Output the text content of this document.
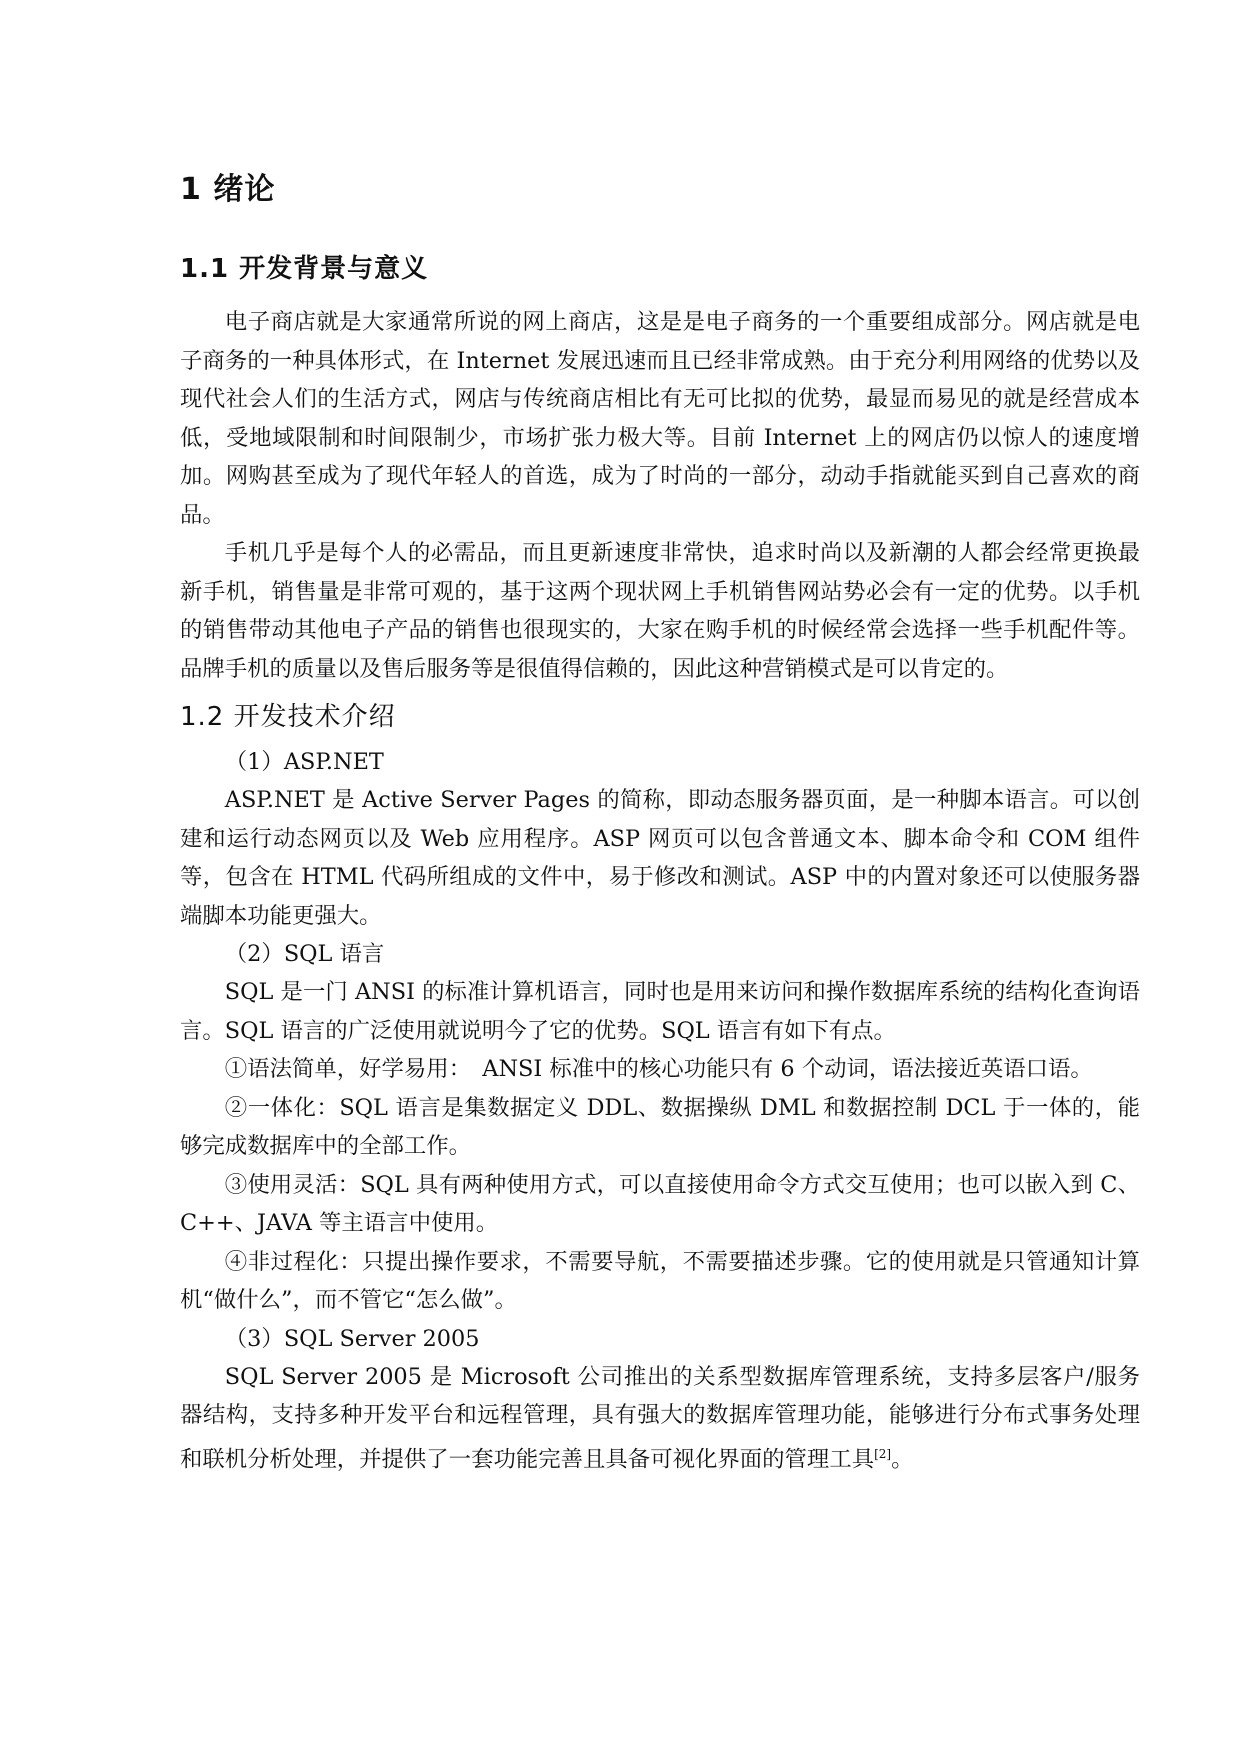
1 绪论
1.1 开发背景与意义

电子商店就是大家通常所说的网上商店，这是是电子商务的一个重要组成部分。网店就是电子商务的一种具体形式，在 Internet 发展迅速而且已经非常成熟。由于充分利用网络的优势以及现代社会人们的生活方式，网店与传统商店相比有无可比拟的优势，最显而易见的就是经营成本低，受地域限制和时间限制少，市场扩张力极大等。目前 Internet 上的网店仍以惊人的速度增加。网购甚至成为了现代年轻人的首选，成为了时尚的一部分，动动手指就能买到自己喜欢的商品。

手机几乎是每个人的必需品，而且更新速度非常快，追求时尚以及新潮的人都会经常更换最新手机，销售量是非常可观的，基于这两个现状网上手机销售网站势必会有一定的优势。以手机的销售带动其他电子产品的销售也很现实的，大家在购手机的时候经常会选择一些手机配件等。品牌手机的质量以及售后服务等是很值得信赖的，因此这种营销模式是可以肯定的。

1.2 开发技术介绍

（1）ASP.NET

ASP.NET 是 Active Server Pages 的简称，即动态服务器页面，是一种脚本语言。可以创建和运行动态网页以及 Web 应用程序。ASP 网页可以包含普通文本、脚本命令和 COM 组件等，包含在 HTML 代码所组成的文件中，易于修改和测试。ASP 中的内置对象还可以使服务器端脚本功能更强大。

（2）SQL 语言

SQL 是一门 ANSI 的标准计算机语言，同时也是用来访问和操作数据库系统的结构化查询语言。SQL 语言的广泛使用就说明今了它的优势。SQL 语言有如下有点。

①语法简单，好学易用：　ANSI 标准中的核心功能只有 6 个动词，语法接近英语口语。

②一体化：SQL 语言是集数据定义 DDL、数据操纵 DML 和数据控制 DCL 于一体的，能够完成数据库中的全部工作。

③使用灵活：SQL 具有两种使用方式，可以直接使用命令方式交互使用；也可以嵌入到 C、C++、JAVA 等主语言中使用。

④非过程化：只提出操作要求，不需要导航，不需要描述步骤。它的使用就是只管通知计算机“做什么”，而不管它“怎么做”。

（3）SQL Server 2005

SQL Server 2005 是 Microsoft 公司推出的关系型数据库管理系统，支持多层客户/服务器结构，支持多种开发平台和远程管理，具有强大的数据库管理功能，能够进行分布式事务处理和联机分析处理，并提供了一套功能完善且具备可视化界面的管理工具[2]。
